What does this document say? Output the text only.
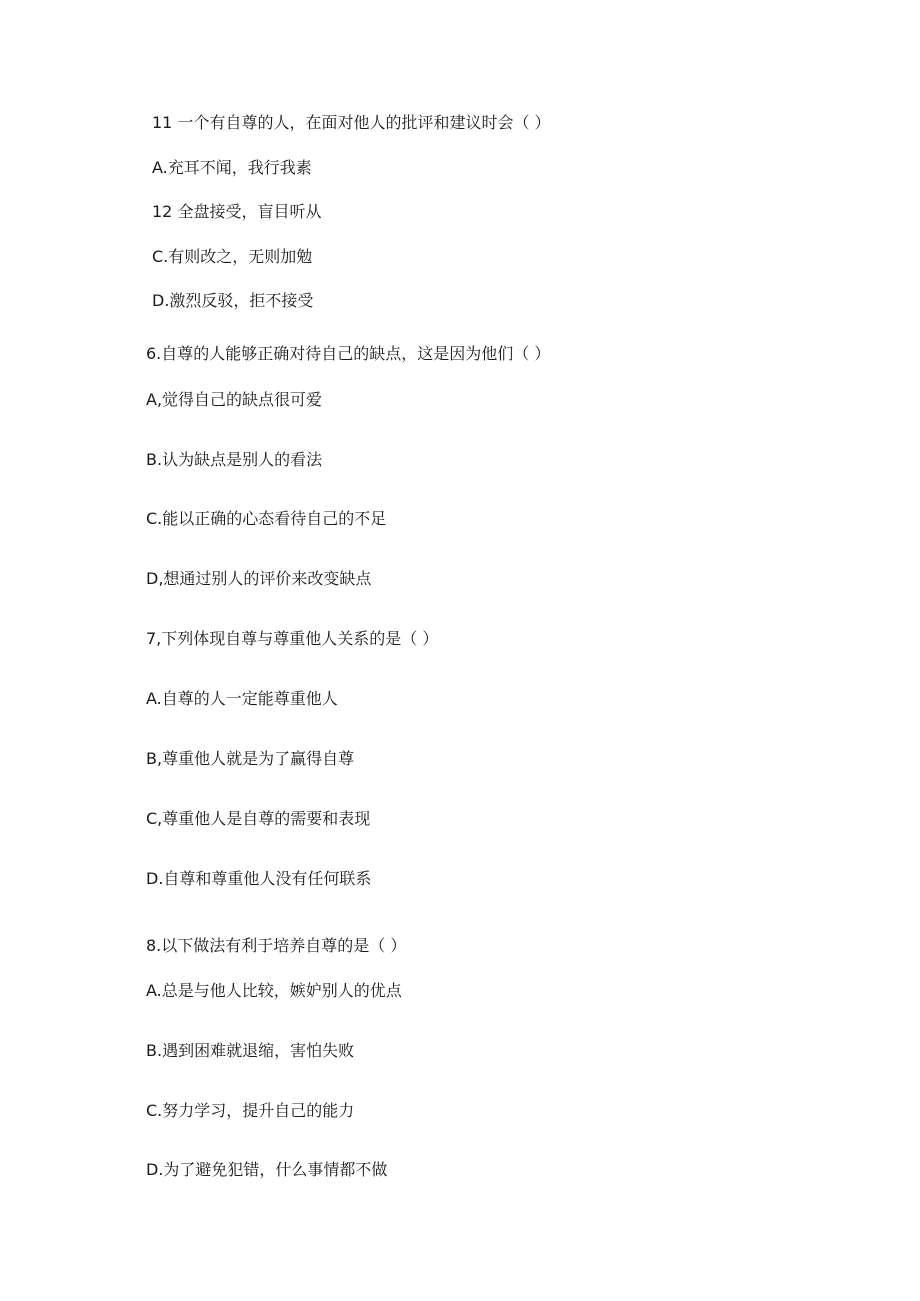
11 一个有自尊的人，在面对他人的批评和建议时会（ ）
A.充耳不闻，我行我素
12 全盘接受，盲目听从
C.有则改之，无则加勉
D.激烈反驳，拒不接受
6.自尊的人能够正确对待自己的缺点，这是因为他们（ ）
A,觉得自己的缺点很可爱
B.认为缺点是别人的看法
C.能以正确的心态看待自己的不足
D,想通过别人的评价来改变缺点
7,下列体现自尊与尊重他人关系的是（ ）
A.自尊的人一定能尊重他人
B,尊重他人就是为了赢得自尊
C,尊重他人是自尊的需要和表现
D.自尊和尊重他人没有任何联系
8.以下做法有利于培养自尊的是（ ）
A.总是与他人比较，嫉妒别人的优点
B.遇到困难就退缩，害怕失败
C.努力学习，提升自己的能力
D.为了避免犯错，什么事情都不做
